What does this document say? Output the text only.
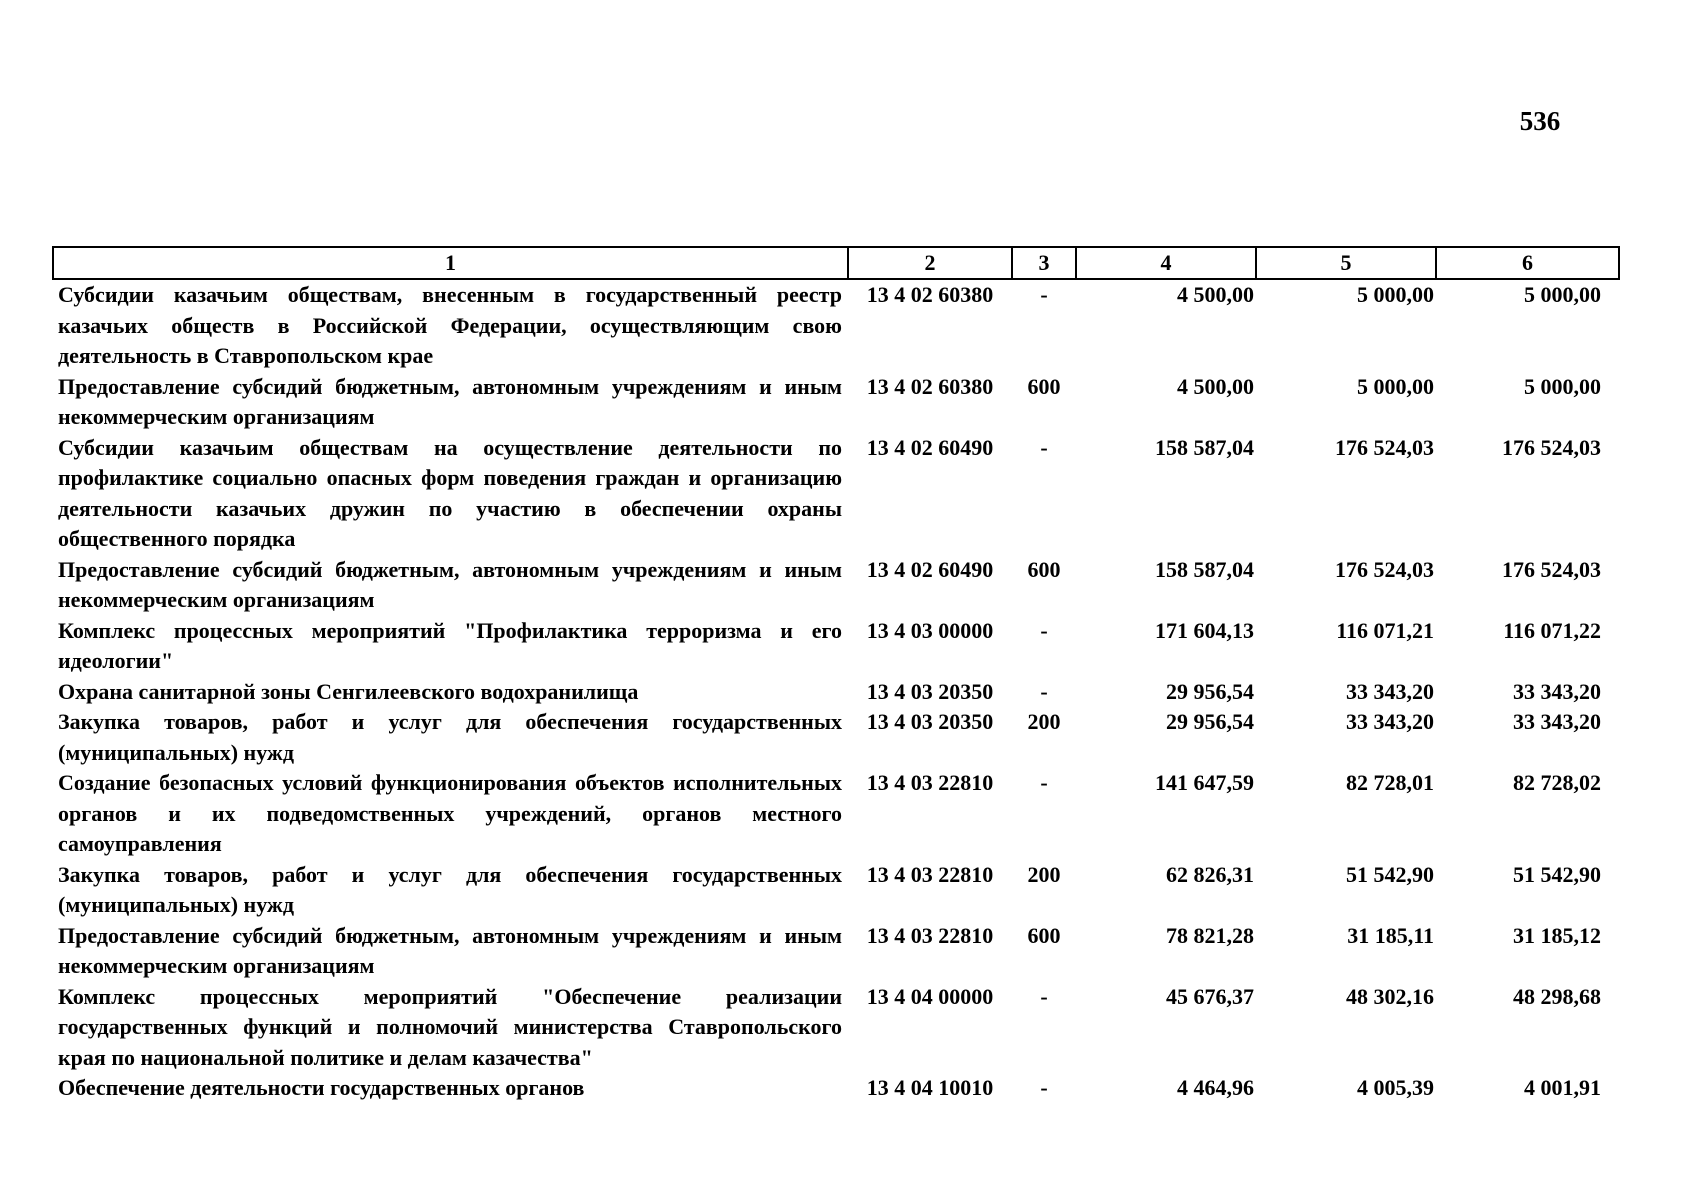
536
1	2	3	4	5	6
Субсидии казачьим обществам, внесенным в государственный реестр казачьих обществ в Российской Федерации, осуществляющим свою деятельность в Ставропольском крае	13 4 02 60380	-	4 500,00	5 000,00	5 000,00
Предоставление субсидий бюджетным, автономным учреждениям и иным некоммерческим организациям	13 4 02 60380	600	4 500,00	5 000,00	5 000,00
Субсидии казачьим обществам на осуществление деятельности по профилактике социально опасных форм поведения граждан и организацию деятельности казачьих дружин по участию в обеспечении охраны общественного порядка	13 4 02 60490	-	158 587,04	176 524,03	176 524,03
Предоставление субсидий бюджетным, автономным учреждениям и иным некоммерческим организациям	13 4 02 60490	600	158 587,04	176 524,03	176 524,03
Комплекс процессных мероприятий "Профилактика терроризма и его идеологии"	13 4 03 00000	-	171 604,13	116 071,21	116 071,22
Охрана санитарной зоны Сенгилеевского водохранилища	13 4 03 20350	-	29 956,54	33 343,20	33 343,20
Закупка товаров, работ и услуг для обеспечения государственных (муниципальных) нужд	13 4 03 20350	200	29 956,54	33 343,20	33 343,20
Создание безопасных условий функционирования объектов исполнительных органов и их подведомственных учреждений, органов местного самоуправления	13 4 03 22810	-	141 647,59	82 728,01	82 728,02
Закупка товаров, работ и услуг для обеспечения государственных (муниципальных) нужд	13 4 03 22810	200	62 826,31	51 542,90	51 542,90
Предоставление субсидий бюджетным, автономным учреждениям и иным некоммерческим организациям	13 4 03 22810	600	78 821,28	31 185,11	31 185,12
Комплекс процессных мероприятий "Обеспечение реализации государственных функций и полномочий министерства Ставропольского края по национальной политике и делам казачества"	13 4 04 00000	-	45 676,37	48 302,16	48 298,68
Обеспечение деятельности государственных органов	13 4 04 10010	-	4 464,96	4 005,39	4 001,91
